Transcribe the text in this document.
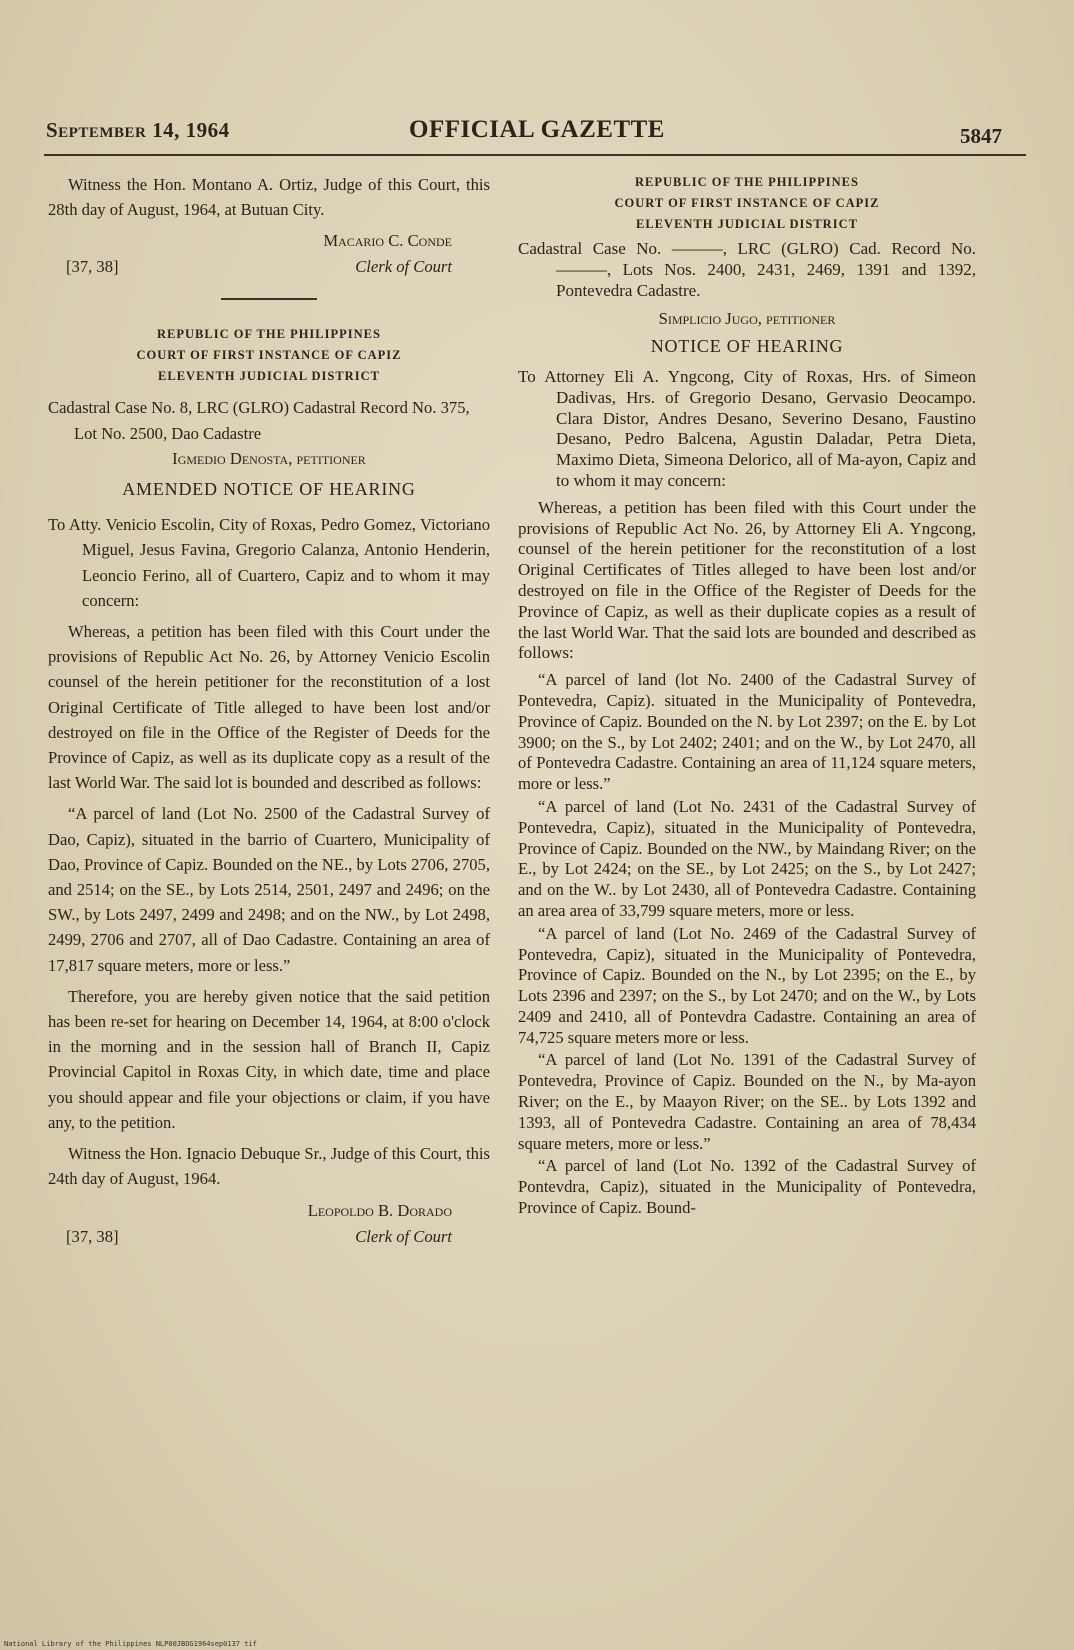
September 14, 1964	OFFICIAL GAZETTE	5847

Witness the Hon. Montano A. Ortiz, Judge of this Court, this 28th day of August, 1964, at Butuan City.

Macario C. Conde
[37, 38]	Clerk of Court

REPUBLIC OF THE PHILIPPINES

COURT OF FIRST INSTANCE OF CAPIZ

ELEVENTH JUDICIAL DISTRICT

Cadastral Case No. 8, LRC (GLRO) Cadastral Record No. 375, Lot No. 2500, Dao Cadastre

Igmedio Denosta, petitioner

AMENDED NOTICE OF HEARING

To Atty. Venicio Escolin, City of Roxas, Pedro Gomez, Victoriano Miguel, Jesus Favina, Gregorio Calanza, Antonio Henderin, Leoncio Ferino, all of Cuartero, Capiz and to whom it may concern:

Whereas, a petition has been filed with this Court under the provisions of Republic Act No. 26, by Attorney Venicio Escolin counsel of the herein petitioner for the reconstitution of a lost Original Certificate of Title alleged to have been lost and/or destroyed on file in the Office of the Register of Deeds for the Province of Capiz, as well as its duplicate copy as a result of the last World War. The said lot is bounded and described as follows:

“A parcel of land (Lot No. 2500 of the Cadastral Survey of Dao, Capiz), situated in the barrio of Cuartero, Municipality of Dao, Province of Capiz. Bounded on the NE., by Lots 2706, 2705, and 2514; on the SE., by Lots 2514, 2501, 2497 and 2496; on the SW., by Lots 2497, 2499 and 2498; and on the NW., by Lot 2498, 2499, 2706 and 2707, all of Dao Cadastre. Containing an area of 17,817 square meters, more or less.”

Therefore, you are hereby given notice that the said petition has been re-set for hearing on December 14, 1964, at 8:00 o'clock in the morning and in the session hall of Branch II, Capiz Provincial Capitol in Roxas City, in which date, time and place you should appear and file your objections or claim, if you have any, to the petition.

Witness the Hon. Ignacio Debuque Sr., Judge of this Court, this 24th day of August, 1964.

Leopoldo B. Dorado
[37, 38]	Clerk of Court

REPUBLIC OF THE PHILIPPINES

COURT OF FIRST INSTANCE OF CAPIZ

ELEVENTH JUDICIAL DISTRICT

Cadastral Case No. ———, LRC (GLRO) Cad. Record No. ———, Lots Nos. 2400, 2431, 2469, 1391 and 1392, Pontevedra Cadastre.

Simplicio Jugo, petitioner

NOTICE OF HEARING

To Attorney Eli A. Yngcong, City of Roxas, Hrs. of Simeon Dadivas, Hrs. of Gregorio Desano, Gervasio Deocampo. Clara Distor, Andres Desano, Severino Desano, Faustino Desano, Pedro Balcena, Agustin Daladar, Petra Dieta, Maximo Dieta, Simeona Delorico, all of Ma-ayon, Capiz and to whom it may concern:

Whereas, a petition has been filed with this Court under the provisions of Republic Act No. 26, by Attorney Eli A. Yngcong, counsel of the herein petitioner for the reconstitution of a lost Original Certificates of Titles alleged to have been lost and/or destroyed on file in the Office of the Register of Deeds for the Province of Capiz, as well as their duplicate copies as a result of the last World War. That the said lots are bounded and described as follows:

“A parcel of land (lot No. 2400 of the Cadastral Survey of Pontevedra, Capiz). situated in the Municipality of Pontevedra, Province of Capiz. Bounded on the N. by Lot 2397; on the E. by Lot 3900; on the S., by Lot 2402; 2401; and on the W., by Lot 2470, all of Pontevedra Cadastre. Containing an area of 11,124 square meters, more or less.”

“A parcel of land (Lot No. 2431 of the Cadastral Survey of Pontevedra, Capiz), situated in the Municipality of Pontevedra, Province of Capiz. Bounded on the NW., by Maindang River; on the E., by Lot 2424; on the SE., by Lot 2425; on the S., by Lot 2427; and on the W.. by Lot 2430, all of Pontevedra Cadastre. Containing an area area of 33,799 square meters, more or less.

“A parcel of land (Lot No. 2469 of the Cadastral Survey of Pontevedra, Capiz), situated in the Municipality of Pontevedra, Province of Capiz. Bounded on the N., by Lot 2395; on the E., by Lots 2396 and 2397; on the S., by Lot 2470; and on the W., by Lots 2409 and 2410, all of Pontevdra Cadastre. Containing an area of 74,725 square meters more or less.

“A parcel of land (Lot No. 1391 of the Cadastral Survey of Pontevedra, Province of Capiz. Bounded on the N., by Ma-ayon River; on the E., by Maayon River; on the SE.. by Lots 1392 and 1393, all of Pontevedra Cadastre. Containing an area of 78,434 square meters, more or less.”

“A parcel of land (Lot No. 1392 of the Cadastral Survey of Pontevdra, Capiz), situated in the Municipality of Pontevedra, Province of Capiz. Bound-

National Library of the Philippines NLP00JBOG1964sep0137 tif
